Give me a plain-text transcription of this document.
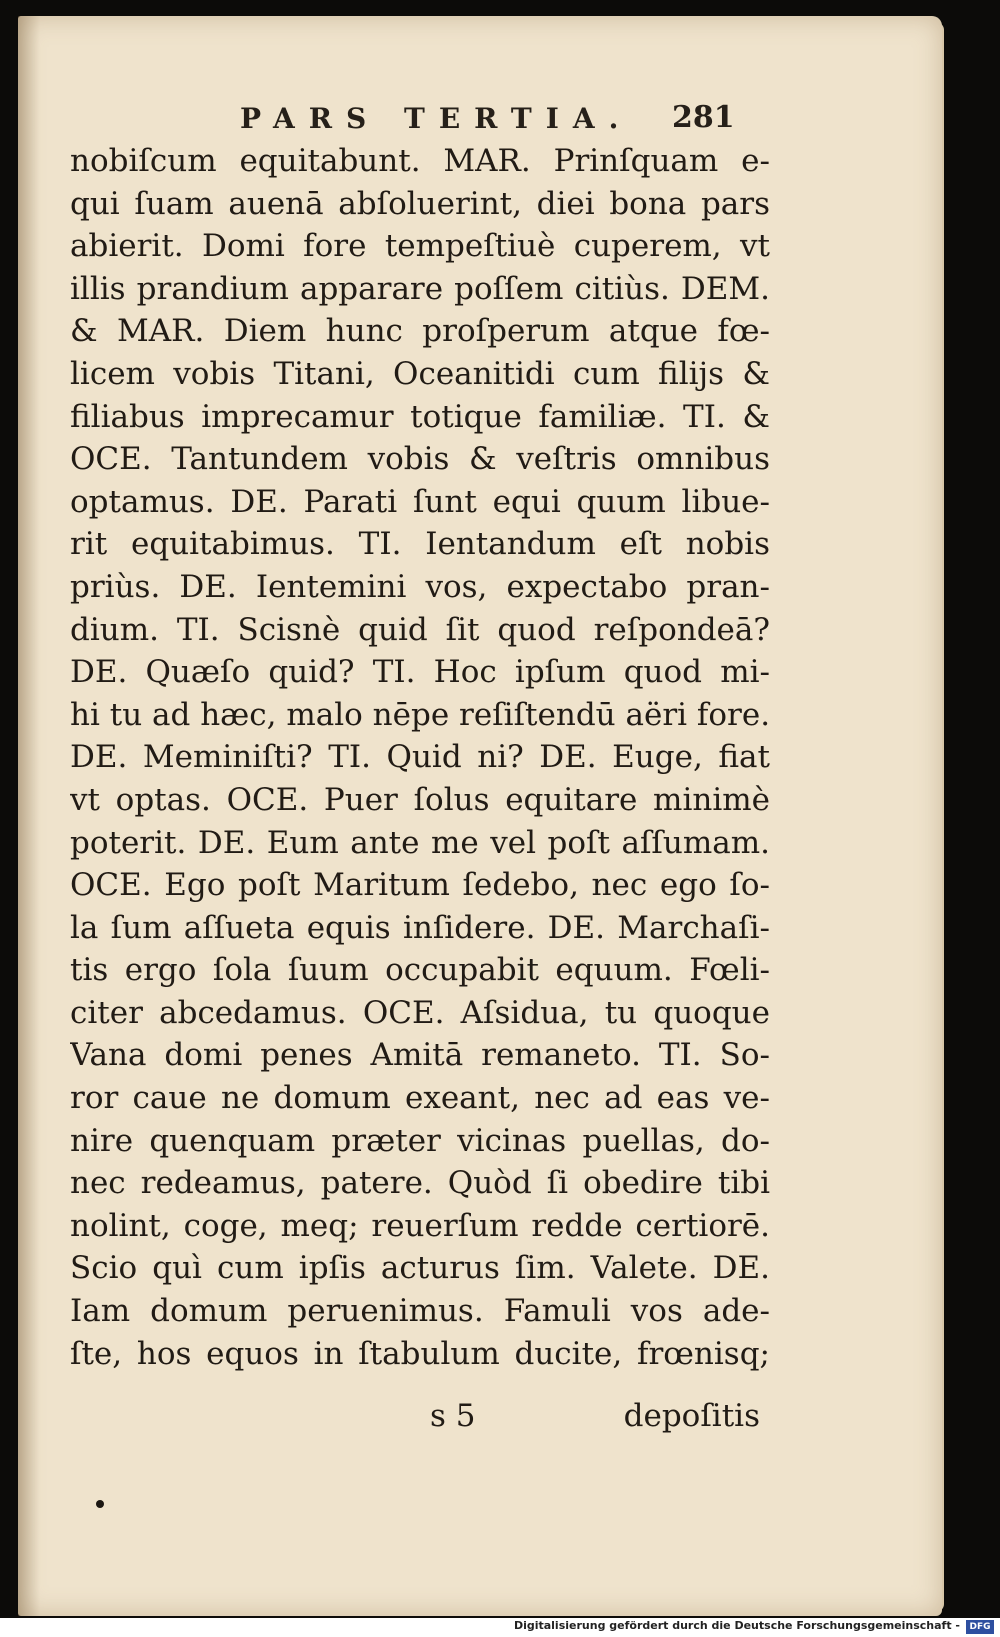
PARS TERTIA. 281
nobiſcum equitabunt. MAR. Prinſquam e-
qui ſuam auenā abſoluerint, diei bona pars
abierit. Domi fore tempeſtiuè cuperem, vt
illis prandium apparare poſſem citiùs. DEM.
& MAR. Diem hunc proſperum atque fœ-
licem vobis Titani, Oceanitidi cum filijs &
filiabus imprecamur totique familiæ. TI. &
OCE. Tantundem vobis & veſtris omnibus
optamus. DE. Parati ſunt equi quum libue-
rit equitabimus. TI. Ientandum eſt nobis
priùs. DE. Ientemini vos, expectabo pran-
dium. TI. Scisnè quid ſit quod reſpondeā?
DE. Quæſo quid? TI. Hoc ipſum quod mi-
hi tu ad hæc, malo nēpe reſiſtendū aëri fore.
DE. Meminiſti? TI. Quid ni? DE. Euge, fiat
vt optas. OCE. Puer ſolus equitare minimè
poterit. DE. Eum ante me vel poſt aſſumam.
OCE. Ego poſt Maritum ſedebo, nec ego ſo-
la ſum aſſueta equis inſidere. DE. Marchaſi-
tis ergo ſola ſuum occupabit equum. Fœli-
citer abcedamus. OCE. Aſsidua, tu quoque
Vana domi penes Amitā remaneto. TI. So-
ror caue ne domum exeant, nec ad eas ve-
nire quenquam præter vicinas puellas, do-
nec redeamus, patere. Quòd ſi obedire tibi
nolint, coge, meq; reuerſum redde certiorē.
Scio quì cum ipſis acturus ſim. Valete. DE.
Iam domum peruenimus. Famuli vos ade-
ſte, hos equos in ſtabulum ducite, frœnisq;
s 5	depoſitis
Digitalisierung gefördert durch die Deutsche Forschungsgemeinschaft -	DFG
